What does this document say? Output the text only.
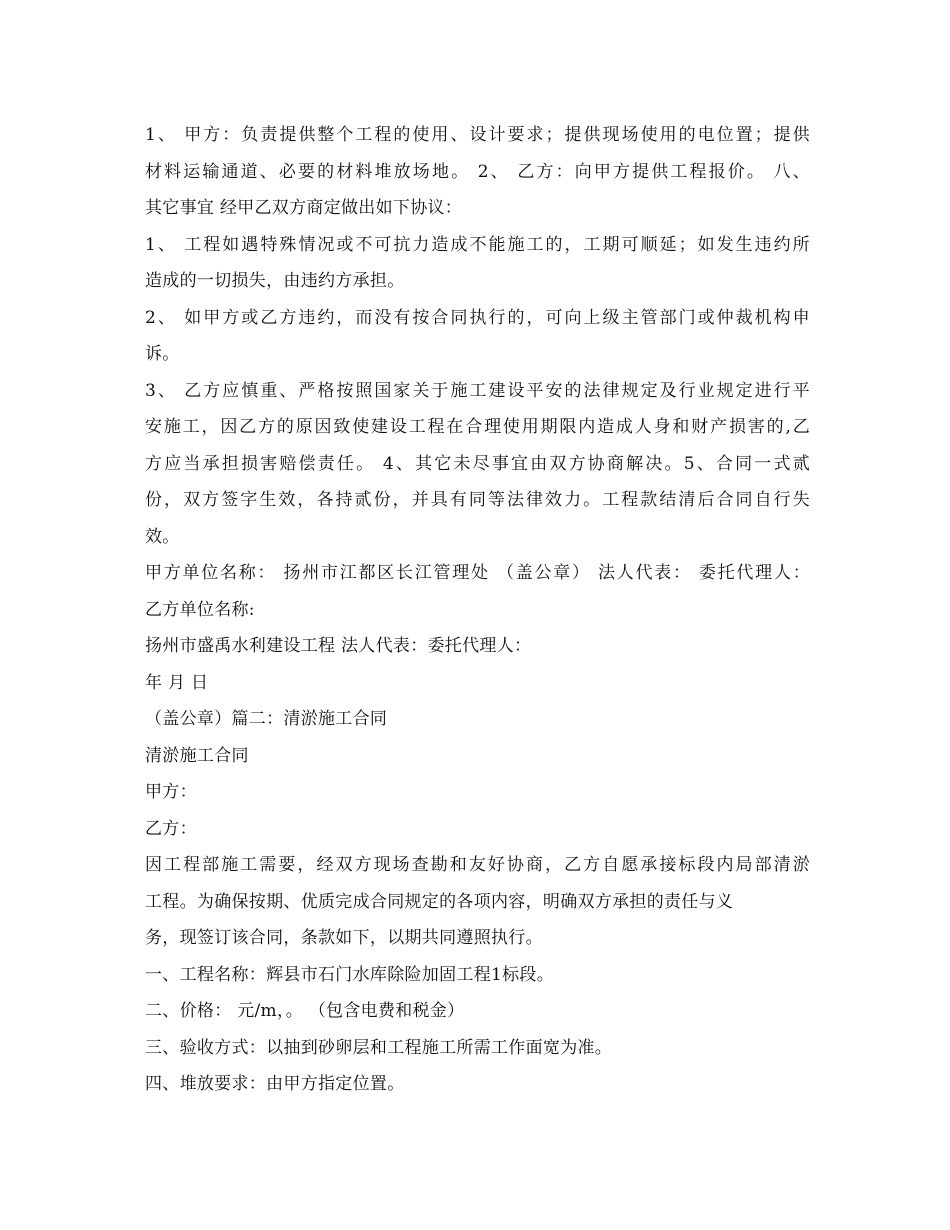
1、 甲方：负责提供整个工程的使用、设计要求；提供现场使用的电位置；提供
材料运输通道、必要的材料堆放场地。 2、 乙方：向甲方提供工程报价。 八、
其它事宜 经甲乙双方商定做出如下协议：
1、 工程如遇特殊情况或不可抗力造成不能施工的，工期可顺延；如发生违约所
造成的一切损失，由违约方承担。
2、 如甲方或乙方违约，而没有按合同执行的，可向上级主管部门或仲裁机构申
诉。
3、 乙方应慎重、严格按照国家关于施工建设平安的法律规定及行业规定进行平
安施工，因乙方的原因致使建设工程在合理使用期限内造成人身和财产损害的,乙
方应当承担损害赔偿责任。 4、其它未尽事宜由双方协商解决。5、合同一式贰
份，双方签字生效，各持贰份，并具有同等法律效力。工程款结清后合同自行失
效。
甲方单位名称： 扬州市江都区长江管理处 （盖公章） 法人代表： 委托代理人：
乙方单位名称:
扬州市盛禹水利建设工程 法人代表：委托代理人：
年 月 日
（盖公章）篇二：清淤施工合同
清淤施工合同
甲方：
乙方：
因工程部施工需要，经双方现场查勘和友好协商，乙方自愿承接标段内局部清淤
工程。为确保按期、优质完成合同规定的各项内容，明确双方承担的责任与义
务，现签订该合同，条款如下，以期共同遵照执行。
一、工程名称：辉县市石门水库除险加固工程1标段。
二、价格： 元/m，。 （包含电费和税金）
三、验收方式：以抽到砂卵层和工程施工所需工作面宽为准。
四、堆放要求：由甲方指定位置。
